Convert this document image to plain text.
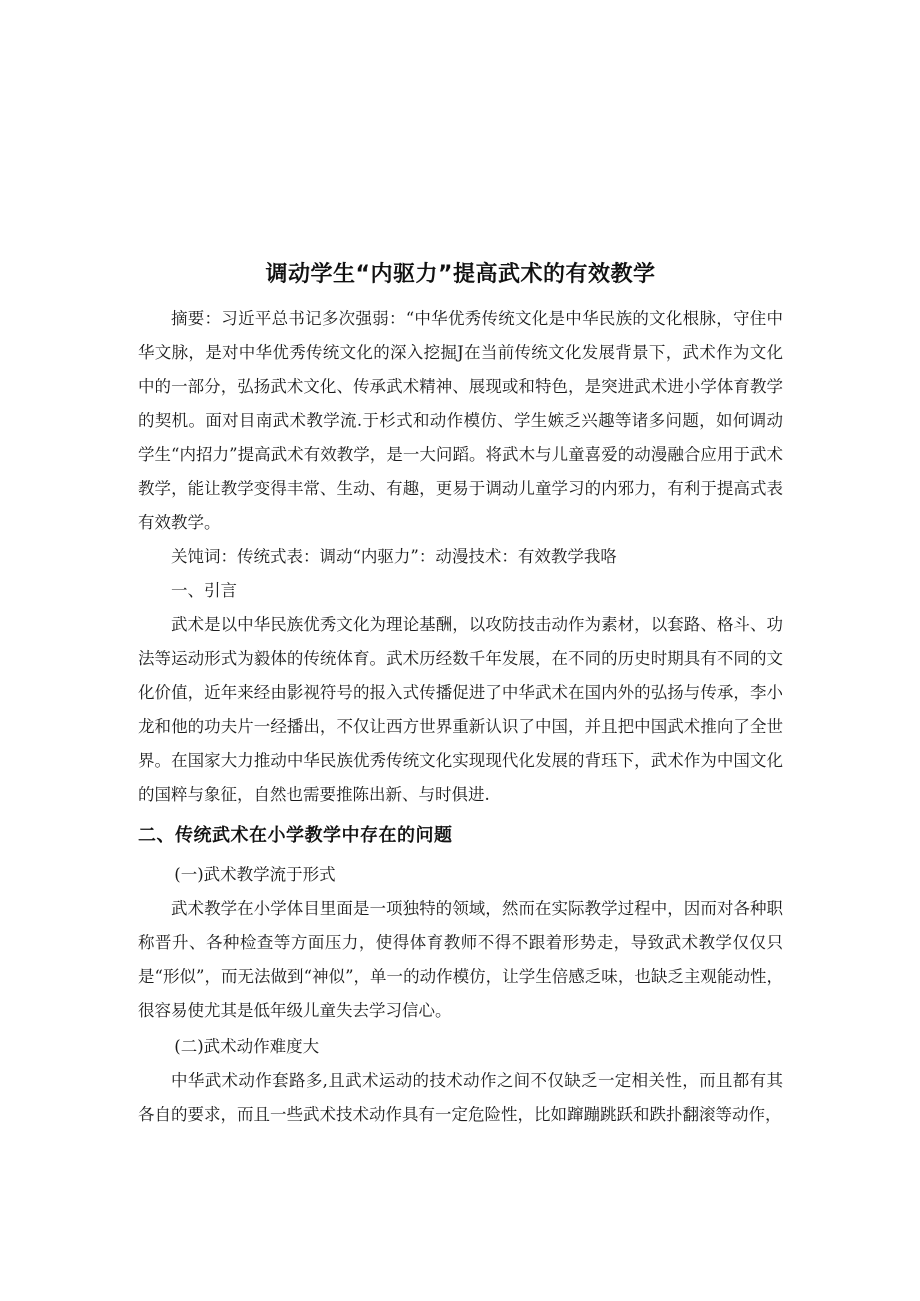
调动学生“内驱力”提高武术的有效教学

摘要：习近平总书记多次强弱：“中华优秀传统文化是中华民族的文化根脉，守住中华文脉，是对中华优秀传统文化的深入挖掘J在当前传统文化发展背景下，武术作为文化中的一部分，弘扬武术文化、传承武术精神、展现或和特色，是突进武术进小学体育教学的契机。面对目南武术教学流.于杉式和动作模仿、学生嫉乏兴趣等诸多问题，如何调动学生“内招力”提高武术有效教学，是一大问蹈。将武木与儿童喜爱的动漫融合应用于武术教学，能让教学变得丰常、生动、有趣，更易于调动儿童学习的内邪力，有利于提高式表有效教学。

关饨词：传统式表：调动“内驱力”：动漫技术：有效教学我咯

一、引言

武术是以中华民族优秀文化为理论基酬，以攻防技击动作为素材，以套路、格斗、功法等运动形式为毅体的传统体育。武术历经数千年发展，在不同的历史时期具有不同的文化价值，近年来经由影视符号的报入式传播促进了中华武术在国内外的弘扬与传承，李小龙和他的功夫片一经播出，不仅让西方世界重新认识了中国，并且把中国武术推向了全世界。在国家大力推动中华民族优秀传统文化实现现代化发展的背珏下，武术作为中国文化的国粹与象征，自然也需要推陈出新、与时俱进.

二、传统武术在小学教学中存在的问题

(一)武术教学流于形式

武术教学在小学体目里面是一项独特的领域，然而在实际教学过程中，因而对各种职称晋升、各种检查等方面压力，使得体育教师不得不跟着形势走，导致武术教学仅仅只是“形似”，而无法做到“神似”，单一的动作模仿，让学生倍感乏味，也缺乏主观能动性，很容易使尤其是低年级儿童失去学习信心。

(二)武术动作难度大

中华武术动作套路多,且武术运动的技术动作之间不仅缺乏一定相关性，而且都有其各自的要求，而且一些武术技术动作具有一定危险性，比如蹿蹦跳跃和跌扑翻滚等动作，
